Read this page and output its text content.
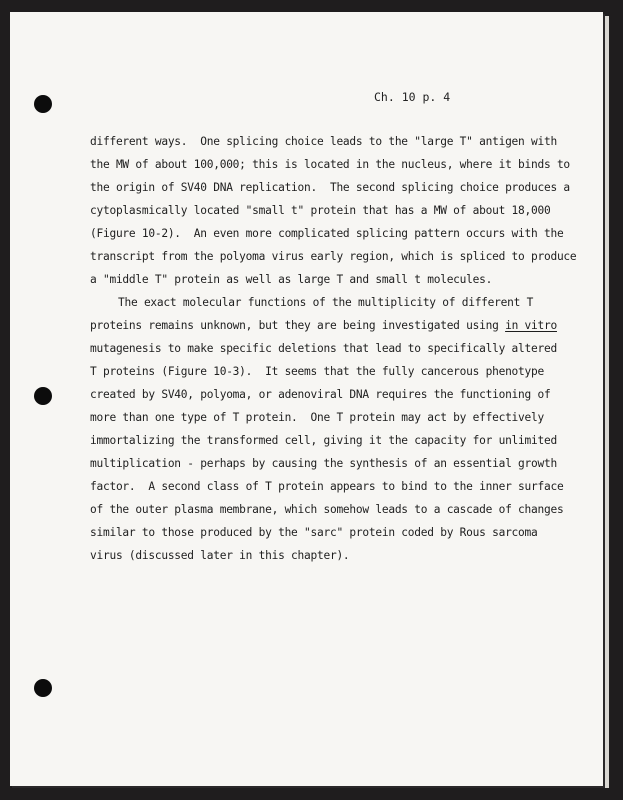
Ch. 10 p. 4
different ways.  One splicing choice leads to the "large T" antigen with
the MW of about 100,000; this is located in the nucleus, where it binds to
the origin of SV40 DNA replication.  The second splicing choice produces a
cytoplasmically located "small t" protein that has a MW of about 18,000
(Figure 10-2).  An even more complicated splicing pattern occurs with the
transcript from the polyoma virus early region, which is spliced to produce
a "middle T" protein as well as large T and small t molecules.
The exact molecular functions of the multiplicity of different T
proteins remains unknown, but they are being investigated using in vitro
mutagenesis to make specific deletions that lead to specifically altered
T proteins (Figure 10-3).  It seems that the fully cancerous phenotype
created by SV40, polyoma, or adenoviral DNA requires the functioning of
more than one type of T protein.  One T protein may act by effectively
immortalizing the transformed cell, giving it the capacity for unlimited
multiplication - perhaps by causing the synthesis of an essential growth
factor.  A second class of T protein appears to bind to the inner surface
of the outer plasma membrane, which somehow leads to a cascade of changes
similar to those produced by the "sarc" protein coded by Rous sarcoma
virus (discussed later in this chapter).
